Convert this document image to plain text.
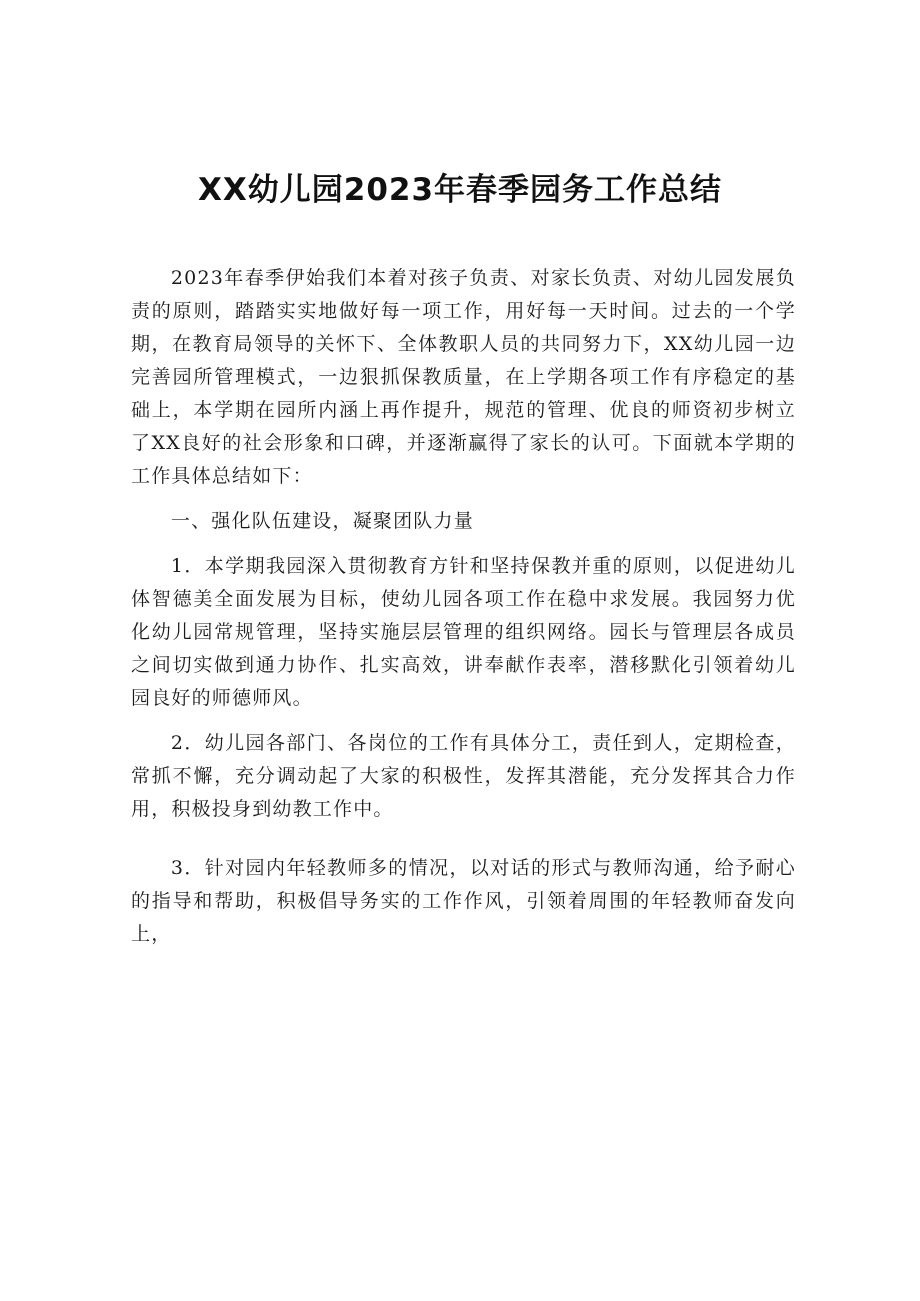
XX幼儿园2023年春季园务工作总结

2023年春季伊始我们本着对孩子负责、对家长负责、对幼儿园发展负责的原则，踏踏实实地做好每一项工作，用好每一天时间。过去的一个学期，在教育局领导的关怀下、全体教职人员的共同努力下，XX幼儿园一边完善园所管理模式，一边狠抓保教质量，在上学期各项工作有序稳定的基础上，本学期在园所内涵上再作提升，规范的管理、优良的师资初步树立了XX良好的社会形象和口碑，并逐渐赢得了家长的认可。下面就本学期的工作具体总结如下：

一、强化队伍建设，凝聚团队力量

1．本学期我园深入贯彻教育方针和坚持保教并重的原则，以促进幼儿体智德美全面发展为目标，使幼儿园各项工作在稳中求发展。我园努力优化幼儿园常规管理，坚持实施层层管理的组织网络。园长与管理层各成员之间切实做到通力协作、扎实高效，讲奉献作表率，潜移默化引领着幼儿园良好的师德师风。

2．幼儿园各部门、各岗位的工作有具体分工，责任到人，定期检查，常抓不懈，充分调动起了大家的积极性，发挥其潜能，充分发挥其合力作用，积极投身到幼教工作中。

3．针对园内年轻教师多的情况，以对话的形式与教师沟通，给予耐心的指导和帮助，积极倡导务实的工作作风，引领着周围的年轻教师奋发向上，
